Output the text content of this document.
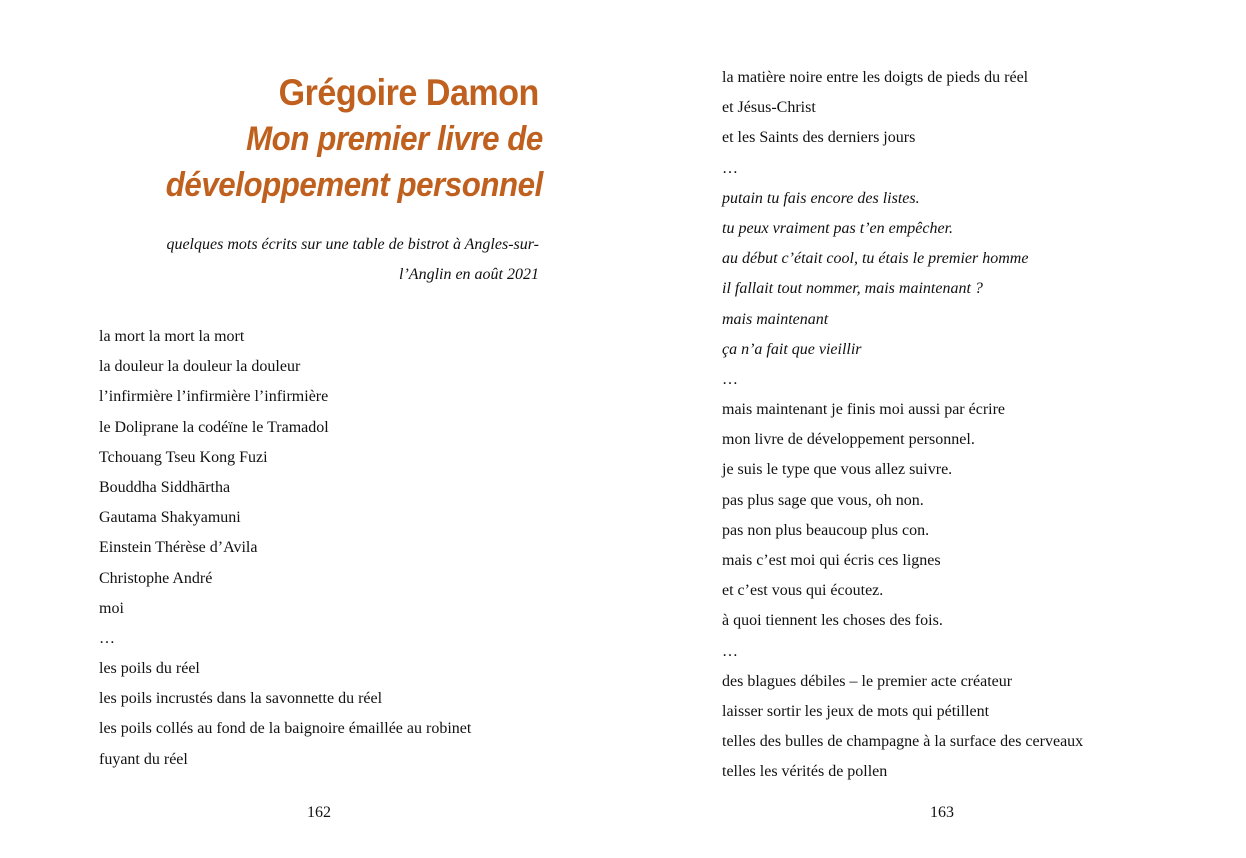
Grégoire Damon
Mon premier livre de
développement personnel

quelques mots écrits sur une table de bistrot à Angles-sur-
l’Anglin en août 2021

la mort la mort la mort
la douleur la douleur la douleur
l’infirmière l’infirmière l’infirmière
le Doliprane la codéïne le Tramadol
Tchouang Tseu Kong Fuzi
Bouddha Siddhārtha
Gautama Shakyamuni
Einstein Thérèse d’Avila
Christophe André
moi
…
les poils du réel
les poils incrustés dans la savonnette du réel
les poils collés au fond de la baignoire émaillée au robinet
fuyant du réel
162
la matière noire entre les doigts de pieds du réel
et Jésus-Christ
et les Saints des derniers jours
…
putain tu fais encore des listes.
tu peux vraiment pas t’en empêcher.
au début c’était cool, tu étais le premier homme
il fallait tout nommer, mais maintenant ?
mais maintenant
ça n’a fait que vieillir
…
mais maintenant je finis moi aussi par écrire
mon livre de développement personnel.
je suis le type que vous allez suivre.
pas plus sage que vous, oh non.
pas non plus beaucoup plus con.
mais c’est moi qui écris ces lignes
et c’est vous qui écoutez.
à quoi tiennent les choses des fois.
…
des blagues débiles – le premier acte créateur
laisser sortir les jeux de mots qui pétillent
telles des bulles de champagne à la surface des cerveaux
telles les vérités de pollen
163
